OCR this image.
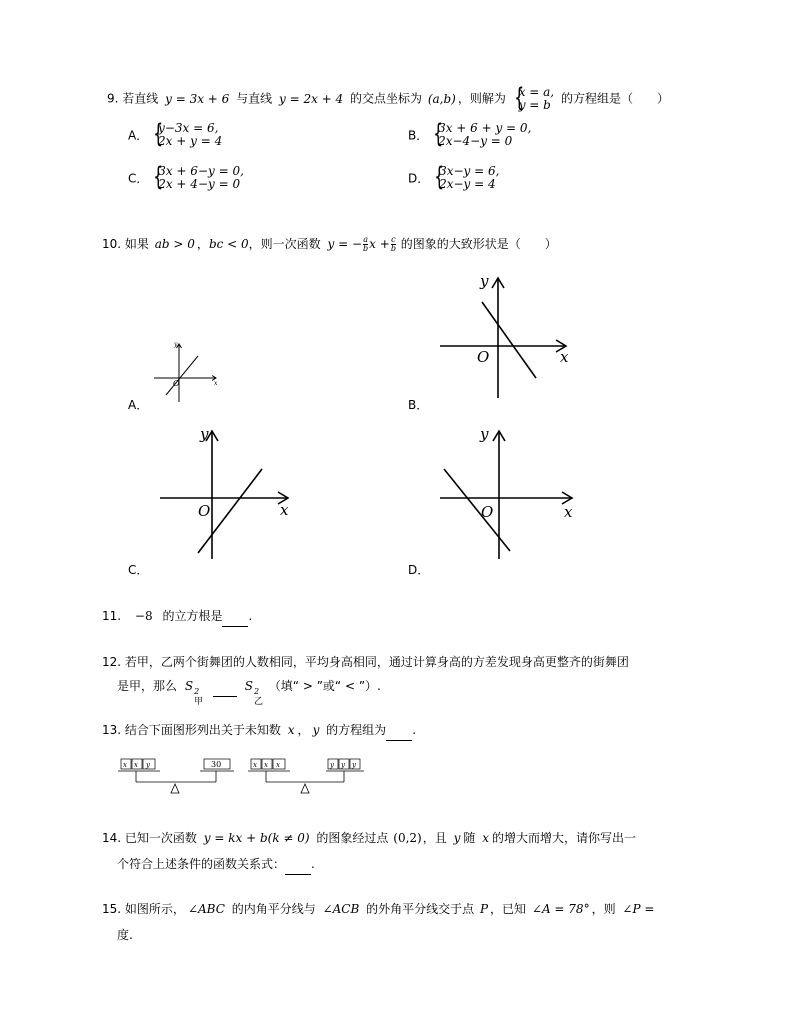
9. 若直线 y = 3x + 6 与直线 y = 2x + 4 的交点坐标为 (a,b) ，则解为
{ x = a,
y = b 的方程组是（　　）
A．
{ y−3x = 6,
2x + y = 4	B．
{ 3x + 6 + y = 0,
2x−4−y = 0
C．
{ 3x + 6−y = 0,
2x + 4−y = 0	D．
{ 3x−y = 6,
2x−y = 4
10. 如果 ab > 0 ，bc < 0，则一次函数 y = − $\frac{a}{b}$ $x + \frac{c}{b}$ 的图象的大致形状是（　　）
A．
y
x
O
B．
y
x
O
C．
y
x
O
D．
y
x
O
11. −8 的立方根是 .
12. 若甲，乙两个街舞团的人数相同，平均身高相同，通过计算身高的方差发现身高更整齐的街舞团
是甲，那么 S 2
甲
S 2
乙
（填“ > ”或“ < ”）.
13. 结合下面图形列出关于未知数 x ， y 的方程组为 .
x x y	30	x x x	y y y
14. 已知一次函数 y = kx + b(k ≠ 0) 的图象经过点 (0,2)，且 y 随 x 的增大而增大，请你写出一
个符合上述条件的函数关系式： .
15. 如图所示， ∠ABC 的内角平分线与 ∠ACB 的外角平分线交于点 P ，已知 ∠A = 78° ，则 ∠P =
度.
